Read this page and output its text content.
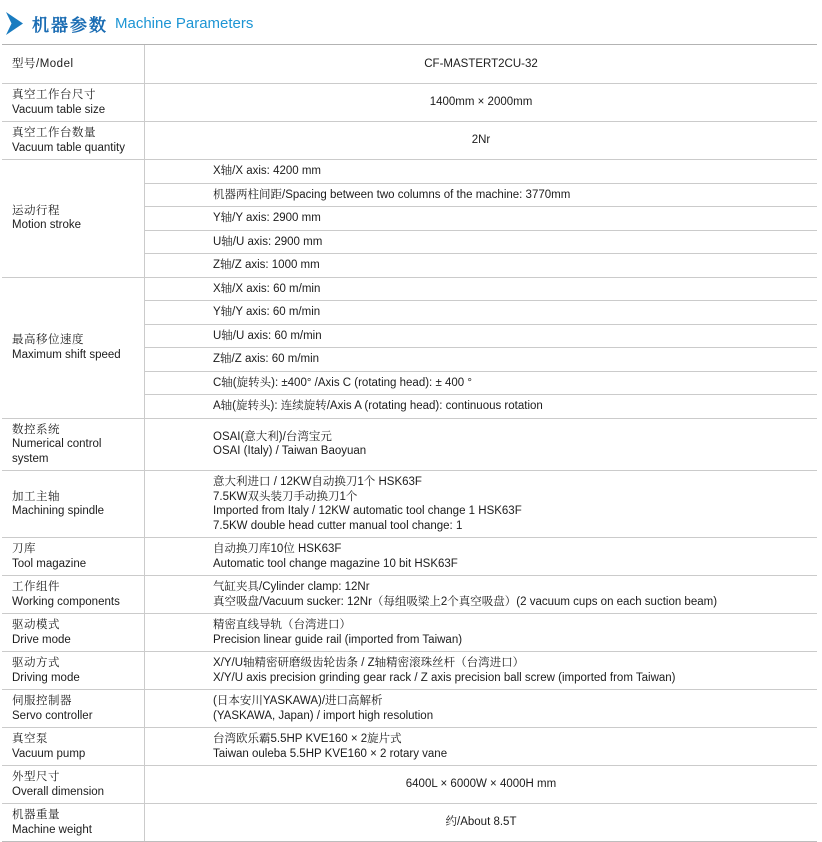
机器参数 Machine Parameters
型号/Model	CF-MASTERT2CU-32
真空工作台尺寸
Vacuum table size
1400mm × 2000mm
真空工作台数量
Vacuum table quantity
2Nr
运动行程
Motion stroke
X轴/X axis: 4200 mm
机器两柱间距/Spacing between two columns of the machine: 3770mm
Y轴/Y axis: 2900 mm
U轴/U axis: 2900 mm
Z轴/Z axis: 1000 mm
最高移位速度
Maximum shift speed
X轴/X axis: 60 m/min
Y轴/Y axis: 60 m/min
U轴/U axis: 60 m/min
Z轴/Z axis: 60 m/min
C轴(旋转头): ±400° /Axis C (rotating head): ± 400 °
A轴(旋转头): 连续旋转/Axis A (rotating head): continuous rotation
数控系统
Numerical control system
OSAI(意大利)/台湾宝元
OSAI (Italy) / Taiwan Baoyuan
加工主轴
Machining spindle
意大利进口 / 12KW自动换刀1个 HSK63F
7.5KW双头装刀手动换刀1个
Imported from Italy / 12KW automatic tool change 1 HSK63F
7.5KW double head cutter manual tool change: 1
刀库
Tool magazine
自动换刀库10位 HSK63F
Automatic tool change magazine 10 bit HSK63F
工作组件
Working components
气缸夹具/Cylinder clamp: 12Nr
真空吸盘/Vacuum sucker: 12Nr（每组吸梁上2个真空吸盘）(2 vacuum cups on each suction beam)
驱动模式
Drive mode
精密直线导轨（台湾进口）
Precision linear guide rail (imported from Taiwan)
驱动方式
Driving mode
X/Y/U轴精密研磨级齿轮齿条 / Z轴精密滚珠丝杆（台湾进口）
X/Y/U axis precision grinding gear rack / Z axis precision ball screw (imported from Taiwan)
伺服控制器
Servo controller
(日本安川YASKAWA)/进口高解析
(YASKAWA, Japan) / import high resolution
真空泵
Vacuum pump
台湾欧乐霸5.5HP KVE160 × 2旋片式
Taiwan ouleba 5.5HP KVE160 × 2 rotary vane
外型尺寸
Overall dimension
6400L × 6000W × 4000H mm
机器重量
Machine weight
约/About 8.5T
